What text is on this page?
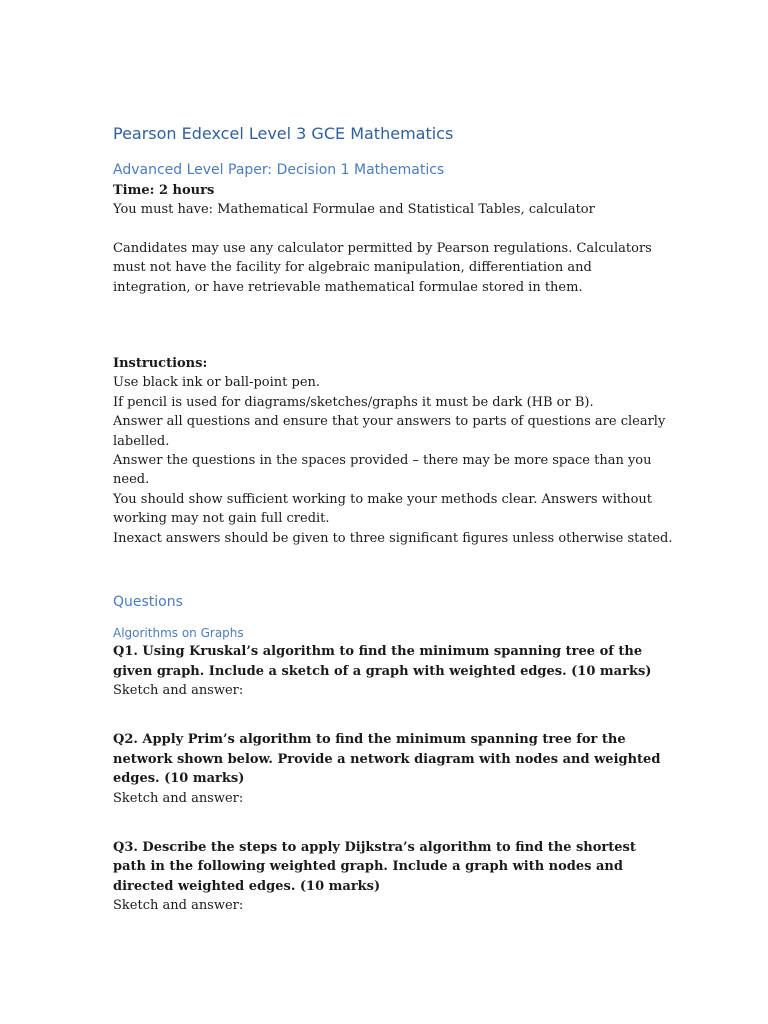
Pearson Edexcel Level 3 GCE Mathematics
Advanced Level Paper: Decision 1 Mathematics

Time: 2 hours

You must have: Mathematical Formulae and Statistical Tables, calculator

Candidates may use any calculator permitted by Pearson regulations. Calculators must not have the facility for algebraic manipulation, differentiation and integration, or have retrievable mathematical formulae stored in them.

Instructions:

Use black ink or ball-point pen.

If pencil is used for diagrams/sketches/graphs it must be dark (HB or B).

Answer all questions and ensure that your answers to parts of questions are clearly labelled.

Answer the questions in the spaces provided – there may be more space than you need.

You should show sufficient working to make your methods clear. Answers without working may not gain full credit.

Inexact answers should be given to three significant figures unless otherwise stated.

Questions
Algorithms on Graphs

Q1. Using Kruskal’s algorithm to find the minimum spanning tree of the given graph. Include a sketch of a graph with weighted edges. (10 marks)

Sketch and answer:

Q2. Apply Prim’s algorithm to find the minimum spanning tree for the network shown below. Provide a network diagram with nodes and weighted edges. (10 marks)

Sketch and answer:

Q3. Describe the steps to apply Dijkstra’s algorithm to find the shortest path in the following weighted graph. Include a graph with nodes and directed weighted edges. (10 marks)

Sketch and answer:
